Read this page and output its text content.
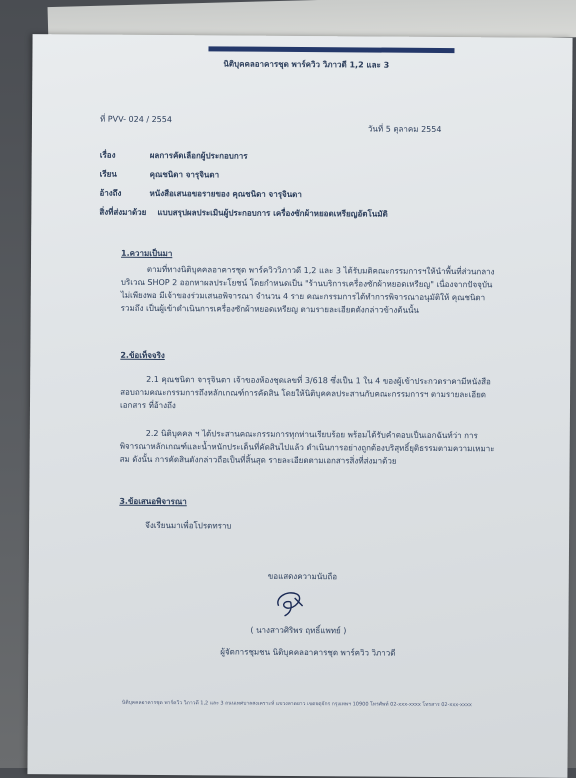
นิติบุคคลอาคารชุด พาร์ควิว วิภาวดี 1,2 และ 3
ที่ PVV- 024 / 2554
วันที่ 5 ตุลาคม 2554
เรื่อง	ผลการคัดเลือกผู้ประกอบการ
เรียน	คุณชนิดา จารุจินดา
อ้างถึง	หนังสือเสนอขอรายของ คุณชนิดา จารุจินดา
สิ่งที่ส่งมาด้วย แบบสรุปผลประเมินผู้ประกอบการ เครื่องซักผ้าหยอดเหรียญอัตโนมัติ
1.ความเป็นมา
ตามที่ทางนิติบุคคลอาคารชุด พาร์ควิววิภาวดี 1,2 และ 3 ได้รับมติคณะกรรมการฯให้นำพื้นที่ส่วนกลาง บริเวณ SHOP 2 ออกหาผลประโยชน์ โดยกำหนดเป็น "ร้านบริการเครื่องซักผ้าหยอดเหรียญ" เนื่องจากปัจจุบัน ไม่เพียงพอ มีเจ้าของร่วมเสนอพิจารณา จำนวน 4 ราย คณะกรรมการได้ทำการพิจารณาอนุมัติให้ คุณชนิดา รวมถึง เป็นผู้เข้าดำเนินการเครื่องซักผ้าหยอดเหรียญ ตามรายละเอียดดังกล่าวข้างต้นนั้น
2.ข้อเท็จจริง
2.1 คุณชนิดา จารุจินดา เจ้าของห้องชุดเลขที่ 3/618 ซึ่งเป็น 1 ใน 4 ของผู้เข้าประกวดราคามีหนังสือ สอบถามคณะกรรมการถึงหลักเกณฑ์การคัดสิน โดยให้นิติบุคคลประสานกับคณะกรรมการฯ ตามรายละเอียดเอกสาร ที่อ้างถึง
2.2 นิติบุคคล ฯ ได้ประสานคณะกรรมการทุกท่านเรียบร้อย พร้อมได้รับคำตอบเป็นเอกฉันท์ว่า การพิจารณาหลักเกณฑ์และน้ำหนักประเด็นที่คัดสินไปแล้ว ดำเนินการอย่างถูกต้องบริสุทธิ์ยุติธรรมตามความเหมาะสม ดังนั้น การคัดสินดังกล่าวถือเป็นที่สิ้นสุด รายละเอียดตามเอกสารสิ่งที่ส่งมาด้วย
3.ข้อเสนอพิจารณา
จึงเรียนมาเพื่อโปรดทราบ
ขอแสดงความนับถือ
( นางสาวศิริพร ฤทธิ์แพทย์ )
ผู้จัดการชุมชน นิติบุคคลอาคารชุด พาร์ควิว วิภาวดี
นิติบุคคลอาคารชุด พาร์ควิว วิภาวดี 1,2 และ 3 ถนนเทศบาลสงเคราะห์ แขวงลาดยาว เขตจตุจักร กรุงเทพฯ 10900 โทรศัพท์ 02-xxx-xxxx โทรสาร 02-xxx-xxxx
